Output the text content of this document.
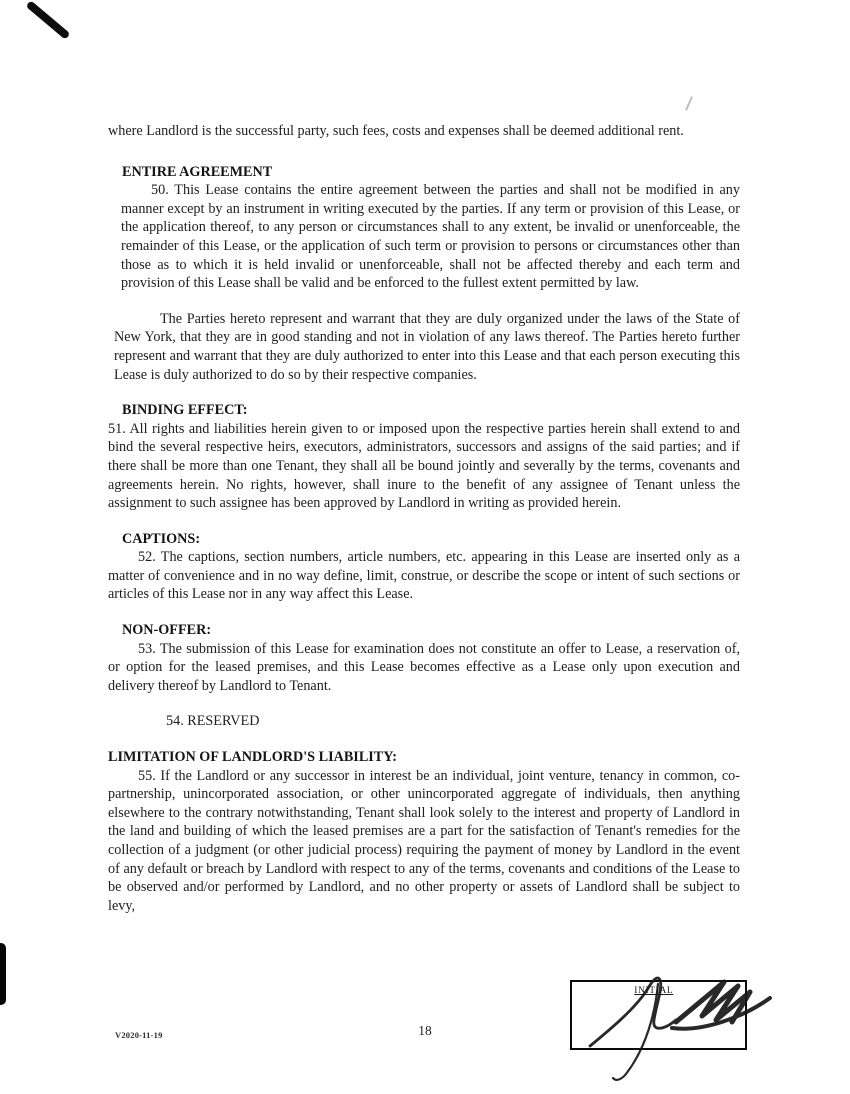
where Landlord is the successful party, such fees, costs and expenses shall be deemed additional rent.

ENTIRE AGREEMENT

50. This Lease contains the entire agreement between the parties and shall not be modified in any manner except by an instrument in writing executed by the parties. If any term or provision of this Lease, or the application thereof, to any person or circumstances shall to any extent, be invalid or unenforceable, the remainder of this Lease, or the application of such term or provision to persons or circumstances other than those as to which it is held invalid or unenforceable, shall not be affected thereby and each term and provision of this Lease shall be valid and be enforced to the fullest extent permitted by law.

The Parties hereto represent and warrant that they are duly organized under the laws of the State of New York, that they are in good standing and not in violation of any laws thereof. The Parties hereto further represent and warrant that they are duly authorized to enter into this Lease and that each person executing this Lease is duly authorized to do so by their respective companies.

BINDING EFFECT:

51. All rights and liabilities herein given to or imposed upon the respective parties herein shall extend to and bind the several respective heirs, executors, administrators, successors and assigns of the said parties; and if there shall be more than one Tenant, they shall all be bound jointly and severally by the terms, covenants and agreements herein. No rights, however, shall inure to the benefit of any assignee of Tenant unless the assignment to such assignee has been approved by Landlord in writing as provided herein.

CAPTIONS:

52. The captions, section numbers, article numbers, etc. appearing in this Lease are inserted only as a matter of convenience and in no way define, limit, construe, or describe the scope or intent of such sections or articles of this Lease nor in any way affect this Lease.

NON-OFFER:

53. The submission of this Lease for examination does not constitute an offer to Lease, a reservation of, or option for the leased premises, and this Lease becomes effective as a Lease only upon execution and delivery thereof by Landlord to Tenant.

54. RESERVED

LIMITATION OF LANDLORD'S LIABILITY:

55. If the Landlord or any successor in interest be an individual, joint venture, tenancy in common, co-partnership, unincorporated association, or other unincorporated aggregate of individuals, then anything elsewhere to the contrary notwithstanding, Tenant shall look solely to the interest and property of Landlord in the land and building of which the leased premises are a part for the satisfaction of Tenant's remedies for the collection of a judgment (or other judicial process) requiring the payment of money by Landlord in the event of any default or breach by Landlord with respect to any of the terms, covenants and conditions of the Lease to be observed and/or performed by Landlord, and no other property or assets of Landlord shall be subject to levy,

V2020-11-19	18
INITIAL
